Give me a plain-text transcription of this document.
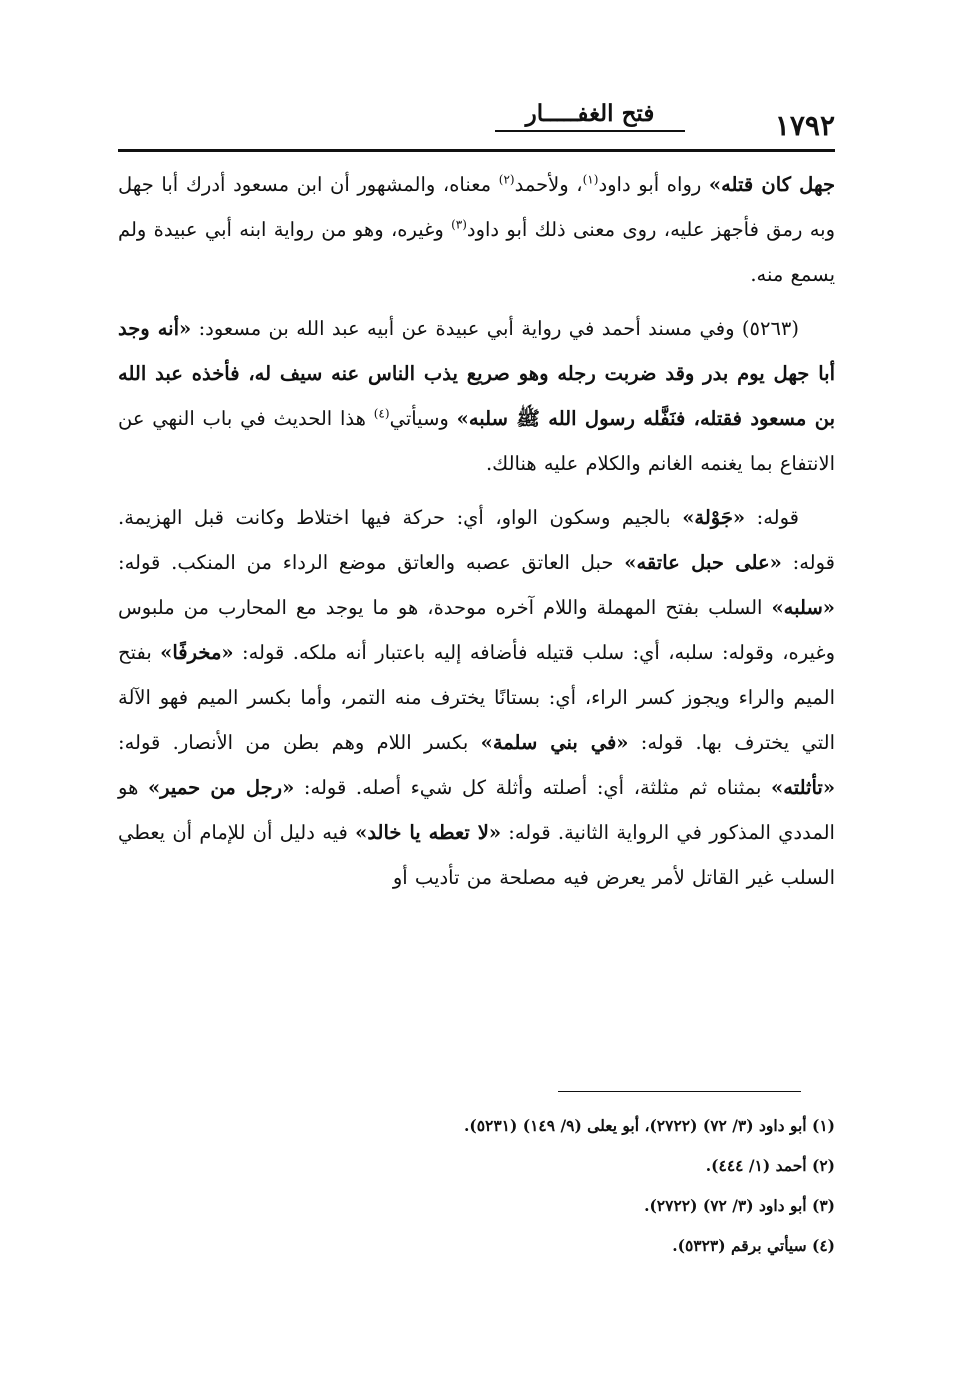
فتح الغفـــــار	١٧٩٢

جهل كان قتله» رواه أبو داود$^{(١)}$، ولأحمد$^{(٢)}$ معناه، والمشهور أن ابن مسعود أدرك أبا جهل وبه رمق فأجهز عليه، روى معنى ذلك أبو داود$^{(٣)}$ وغيره، وهو من رواية ابنه أبي عبيدة ولم يسمع منه.

(٥٢٦٣) وفي مسند أحمد في رواية أبي عبيدة عن أبيه عبد الله بن مسعود: «أنه وجد أبا جهل يوم بدر وقد ضربت رجله وهو صريع يذب الناس عنه سيف له، فأخذه عبد الله بن مسعود فقتله، فنَفَّله رسول الله ﷺ سلبه» وسيأتي$^{(٤)}$ هذا الحديث في باب النهي عن الانتفاع بما يغنمه الغانم والكلام عليه هنالك.

قوله: «جَوْلة» بالجيم وسكون الواو، أي: حركة فيها اختلاط وكانت قبل الهزيمة. قوله: «على حبل عاتقه» حبل العاتق عصبه والعاتق موضع الرداء من المنكب. قوله: «سلبه» السلب بفتح المهملة واللام آخره موحدة، هو ما يوجد مع المحارب من ملبوس وغيره، وقوله: سلبه، أي: سلب قتيله فأضافه إليه باعتبار أنه ملكه. قوله: «مخرفًا» بفتح الميم والراء ويجوز كسر الراء، أي: بستانًا يخترف منه التمر، وأما بكسر الميم فهو الآلة التي يخترف بها. قوله: «في بني سلمة» بكسر اللام وهم بطن من الأنصار. قوله: «تأثلته» بمثناه ثم مثلثة، أي: أصلته وأثلة كل شيء أصله. قوله: «رجل من حمير» هو المددي المذكور في الرواية الثانية. قوله: «لا تعطه يا خالد» فيه دليل أن للإمام أن يعطي السلب غير القاتل لأمر يعرض فيه مصلحة من تأديب أو

(١) أبو داود (٣/ ٧٢) (٢٧٢٢)، أبو يعلى (٩/ ١٤٩) (٥٢٣١).
(٢) أحمد (١/ ٤٤٤).
(٣) أبو داود (٣/ ٧٢) (٢٧٢٢).
(٤) سيأتي برقم (٥٣٢٣).
